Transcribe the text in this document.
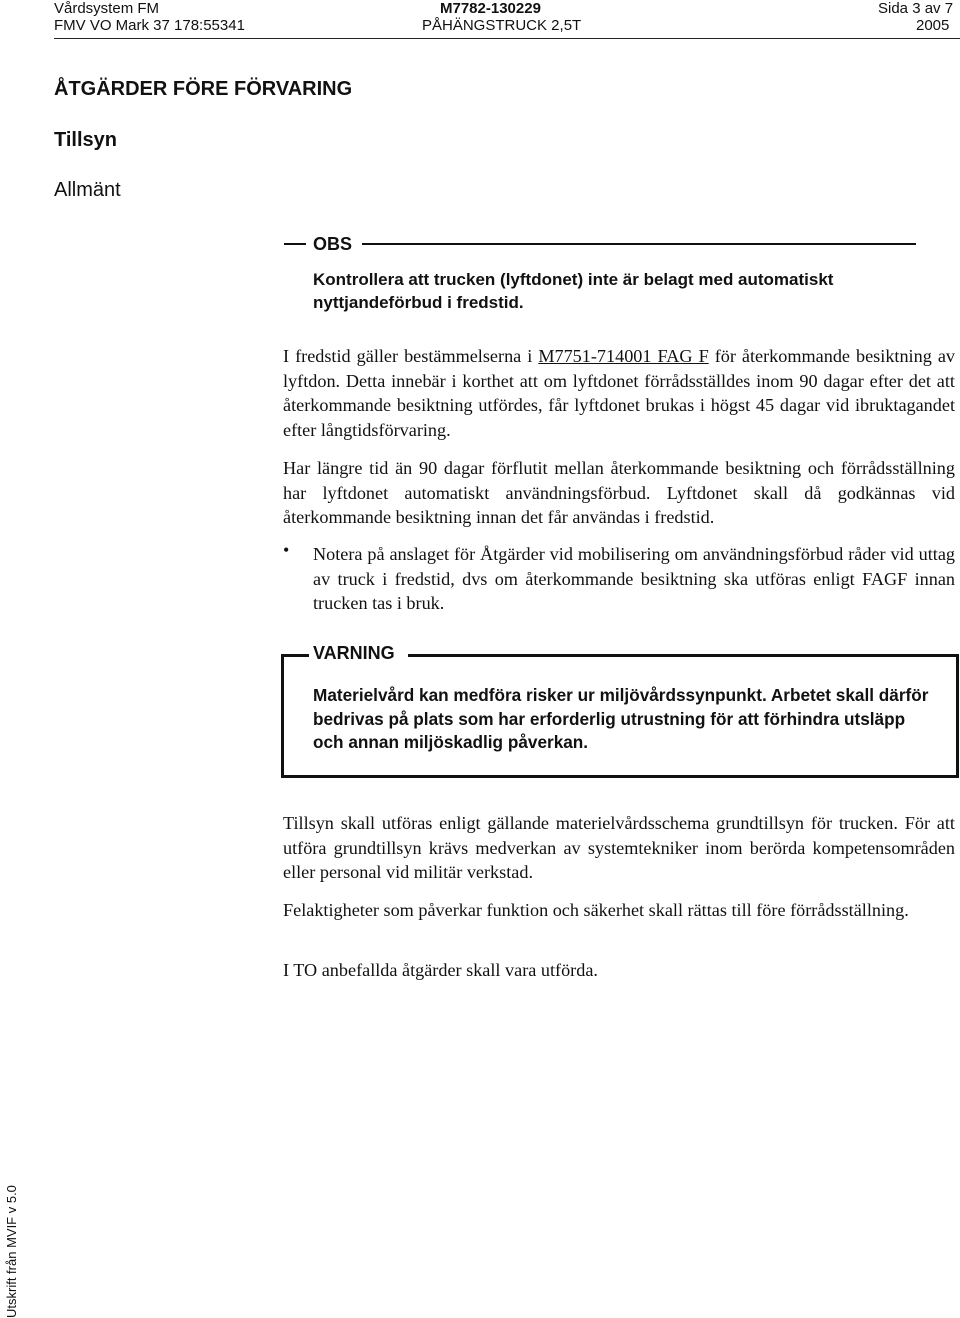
Vårdsystem FM
FMV VO Mark 37 178:55341
M7782-130229
PÅHÄNGSTRUCK 2,5T
Sida 3 av 7
2005
ÅTGÄRDER FÖRE FÖRVARING
Tillsyn
Allmänt
OBS
Kontrollera att trucken (lyftdonet) inte är belagt med automatiskt nyttjandeförbud i fredstid.
I fredstid gäller bestämmelserna i M7751-714001 FAG F för återkommande besiktning av lyftdon. Detta innebär i korthet att om lyftdonet förrådsställdes inom 90 dagar efter det att återkommande besiktning utfördes, får lyftdonet brukas i högst 45 dagar vid ibruktagandet efter långtidsförvaring.
Har längre tid än 90 dagar förflutit mellan återkommande besiktning och förrådsställning har lyftdonet automatiskt användningsförbud. Lyftdonet skall då godkännas vid återkommande besiktning innan det får användas i fredstid.
• Notera på anslaget för Åtgärder vid mobilisering om användningsförbud råder vid uttag av truck i fredstid, dvs om återkommande besiktning ska utföras enligt FAGF innan trucken tas i bruk.
VARNING
Materielvård kan medföra risker ur miljövårdssynpunkt. Arbetet skall därför bedrivas på plats som har erforderlig utrustning för att förhindra utsläpp och annan miljöskadlig påverkan.
Tillsyn skall utföras enligt gällande materielvårdsschema grundtillsyn för trucken. För att utföra grundtillsyn krävs medverkan av systemtekniker inom berörda kompetensområden eller personal vid militär verkstad.
Felaktigheter som påverkar funktion och säkerhet skall rättas till före förrådsställning.
I TO anbefallda åtgärder skall vara utförda.
Utskrift från MVIF v 5.0
